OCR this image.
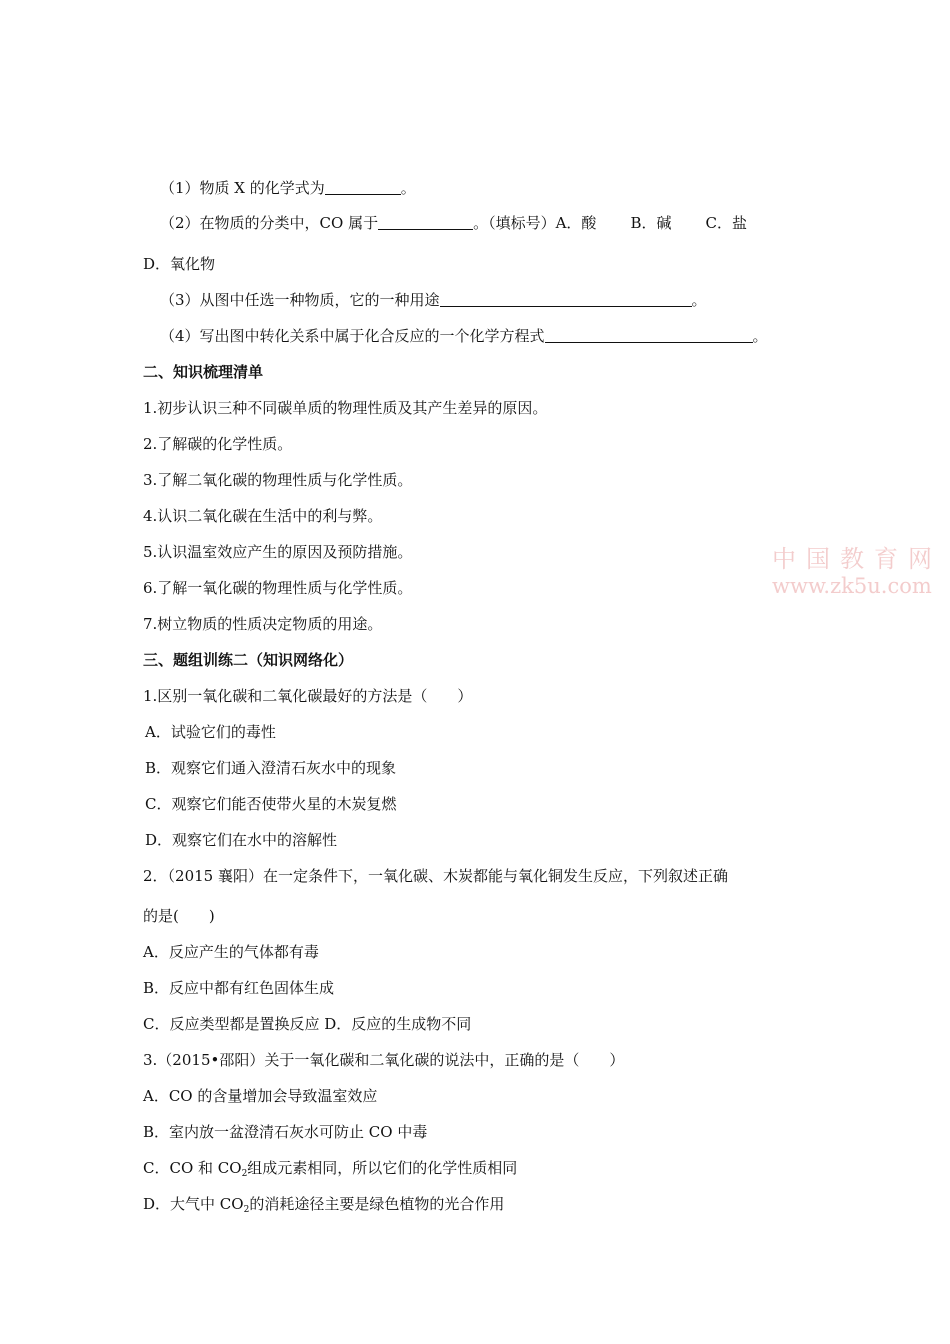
（1）物质 X 的化学式为	。
（2）在物质的分类中，CO 属于	。（填标号）A．酸 B．碱 C．盐
D．氧化物
（3）从图中任选一种物质，它的一种用途	。
（4）写出图中转化关系中属于化合反应的一个化学方程式	。
二、知识梳理清单
1.初步认识三种不同碳单质的物理性质及其产生差异的原因。
2.了解碳的化学性质。
3.了解二氧化碳的物理性质与化学性质。
4.认识二氧化碳在生活中的利与弊。
5.认识温室效应产生的原因及预防措施。
6.了解一氧化碳的物理性质与化学性质。
7.树立物质的性质决定物质的用途。
三、题组训练二（知识网络化）
1.区别一氧化碳和二氧化碳最好的方法是（　　）
A．试验它们的毒性
B．观察它们通入澄清石灰水中的现象
C．观察它们能否使带火星的木炭复燃
D．观察它们在水中的溶解性
2．（2015 襄阳）在一定条件下，一氧化碳、木炭都能与氧化铜发生反应，下列叙述正确
的是(　　)
A．反应产生的气体都有毒
B．反应中都有红色固体生成
C．反应类型都是置换反应 D．反应的生成物不同
3.（2015•邵阳）关于一氧化碳和二氧化碳的说法中，正确的是（　　）
A．CO 的含量增加会导致温室效应
B．室内放一盆澄清石灰水可防止 CO 中毒
C．CO 和 $CO_2$组成元素相同，所以它们的化学性质相同
D．大气中 $CO_2$的消耗途径主要是绿色植物的光合作用
中国教育网
www.zk5u.com
